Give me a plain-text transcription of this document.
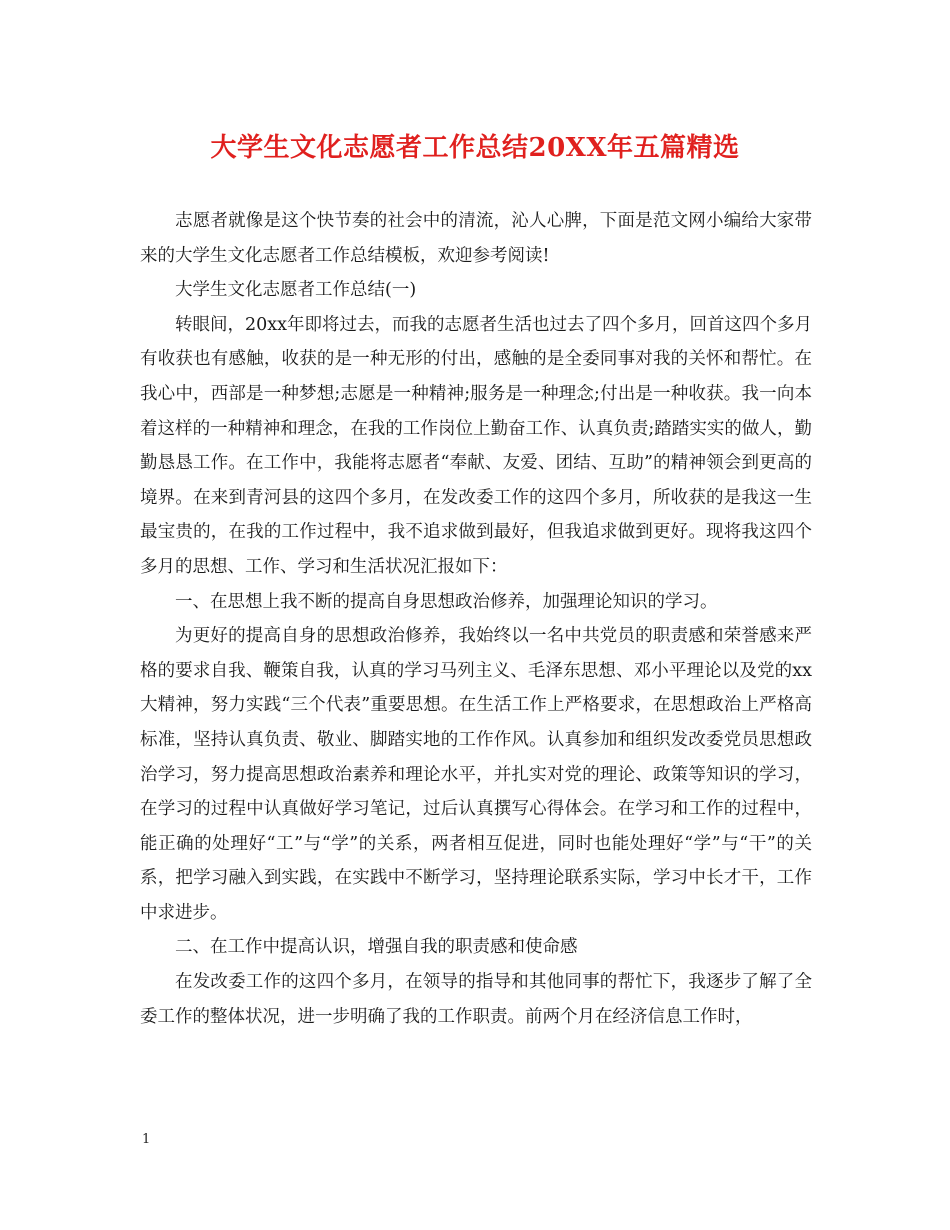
大学生文化志愿者工作总结20XX年五篇精选

志愿者就像是这个快节奏的社会中的清流，沁人心脾，下面是范文网小编给大家带来的大学生文化志愿者工作总结模板，欢迎参考阅读!

大学生文化志愿者工作总结(一)

转眼间，20xx年即将过去，而我的志愿者生活也过去了四个多月，回首这四个多月有收获也有感触，收获的是一种无形的付出，感触的是全委同事对我的关怀和帮忙。在我心中，西部是一种梦想;志愿是一种精神;服务是一种理念;付出是一种收获。我一向本着这样的一种精神和理念，在我的工作岗位上勤奋工作、认真负责;踏踏实实的做人，勤勤恳恳工作。在工作中，我能将志愿者“奉献、友爱、团结、互助”的精神领会到更高的境界。在来到青河县的这四个多月，在发改委工作的这四个多月，所收获的是我这一生最宝贵的，在我的工作过程中，我不追求做到最好，但我追求做到更好。现将我这四个多月的思想、工作、学习和生活状况汇报如下：

一、在思想上我不断的提高自身思想政治修养，加强理论知识的学习。

为更好的提高自身的思想政治修养，我始终以一名中共党员的职责感和荣誉感来严格的要求自我、鞭策自我，认真的学习马列主义、毛泽东思想、邓小平理论以及党的xx大精神，努力实践“三个代表”重要思想。在生活工作上严格要求，在思想政治上严格高标准，坚持认真负责、敬业、脚踏实地的工作作风。认真参加和组织发改委党员思想政治学习，努力提高思想政治素养和理论水平，并扎实对党的理论、政策等知识的学习，在学习的过程中认真做好学习笔记，过后认真撰写心得体会。在学习和工作的过程中，能正确的处理好“工”与“学”的关系，两者相互促进，同时也能处理好“学”与“干”的关系，把学习融入到实践，在实践中不断学习，坚持理论联系实际，学习中长才干，工作中求进步。

二、在工作中提高认识，增强自我的职责感和使命感

在发改委工作的这四个多月，在领导的指导和其他同事的帮忙下，我逐步了解了全委工作的整体状况，进一步明确了我的工作职责。前两个月在经济信息工作时，

1
